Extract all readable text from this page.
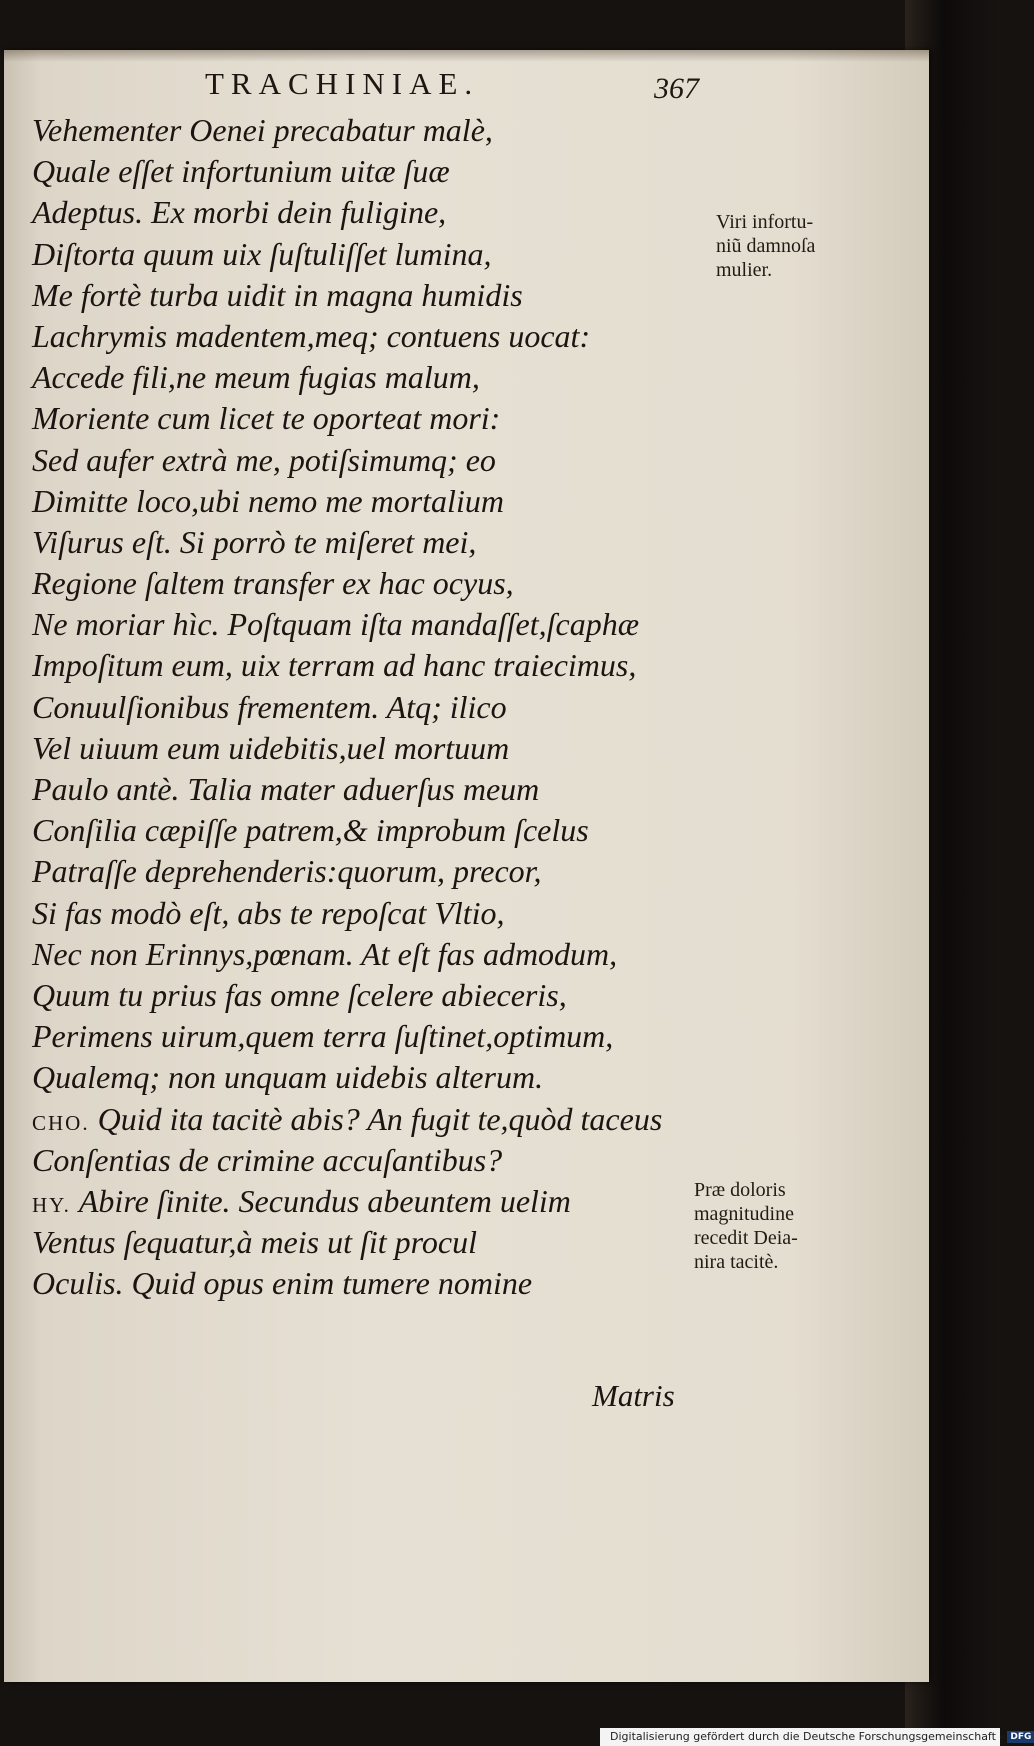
TRACHINIAE.	367
Vehementer Oenei precabatur malè,
Quale eſſet infortunium uitæ ſuæ
Adeptus. Ex morbi dein fuligine,
Diſtorta quum uix ſuſtuliſſet lumina,
Me fortè turba uidit in magna humidis
Lachrymis madentem,meq; contuens uocat:
Accede fili,ne meum fugias malum,
Moriente cum licet te oporteat mori:
Sed aufer extrà me, potiſsimumq; eo
Dimitte loco,ubi nemo me mortalium
Viſurus eſt. Si porrò te miſeret mei,
Regione ſaltem transfer ex hac ocyus,
Ne moriar hìc. Poſtquam iſta mandaſſet,ſcaphæ
Impoſitum eum, uix terram ad hanc traiecimus,
Conuulſionibus frementem. Atq; ilico
Vel uiuum eum uidebitis,uel mortuum
Paulo antè. Talia mater aduerſus meum
Conſilia cæpiſſe patrem,& improbum ſcelus
Patraſſe deprehenderis:quorum, precor,
Si fas modò eſt, abs te repoſcat Vltio,
Nec non Erinnys,pœnam. At eſt fas admodum,
Quum tu prius fas omne ſcelere abieceris,
Perimens uirum,quem terra ſuſtinet,optimum,
Qualemq; non unquam uidebis alterum.
CHO. Quid ita tacitè abis? An fugit te,quòd taceus
Conſentias de crimine accuſantibus?
HY. Abire ſinite. Secundus abeuntem uelim
Ventus ſequatur,à meis ut ſit procul
Oculis. Quid opus enim tumere nomine
Matris
Viri infortu-
niũ damnoſa
mulier.
Præ doloris
magnitudine
recedit Deia-
nira tacitè.
Digitalisierung gefördert durch die Deutsche Forschungsgemeinschaft - DFG
